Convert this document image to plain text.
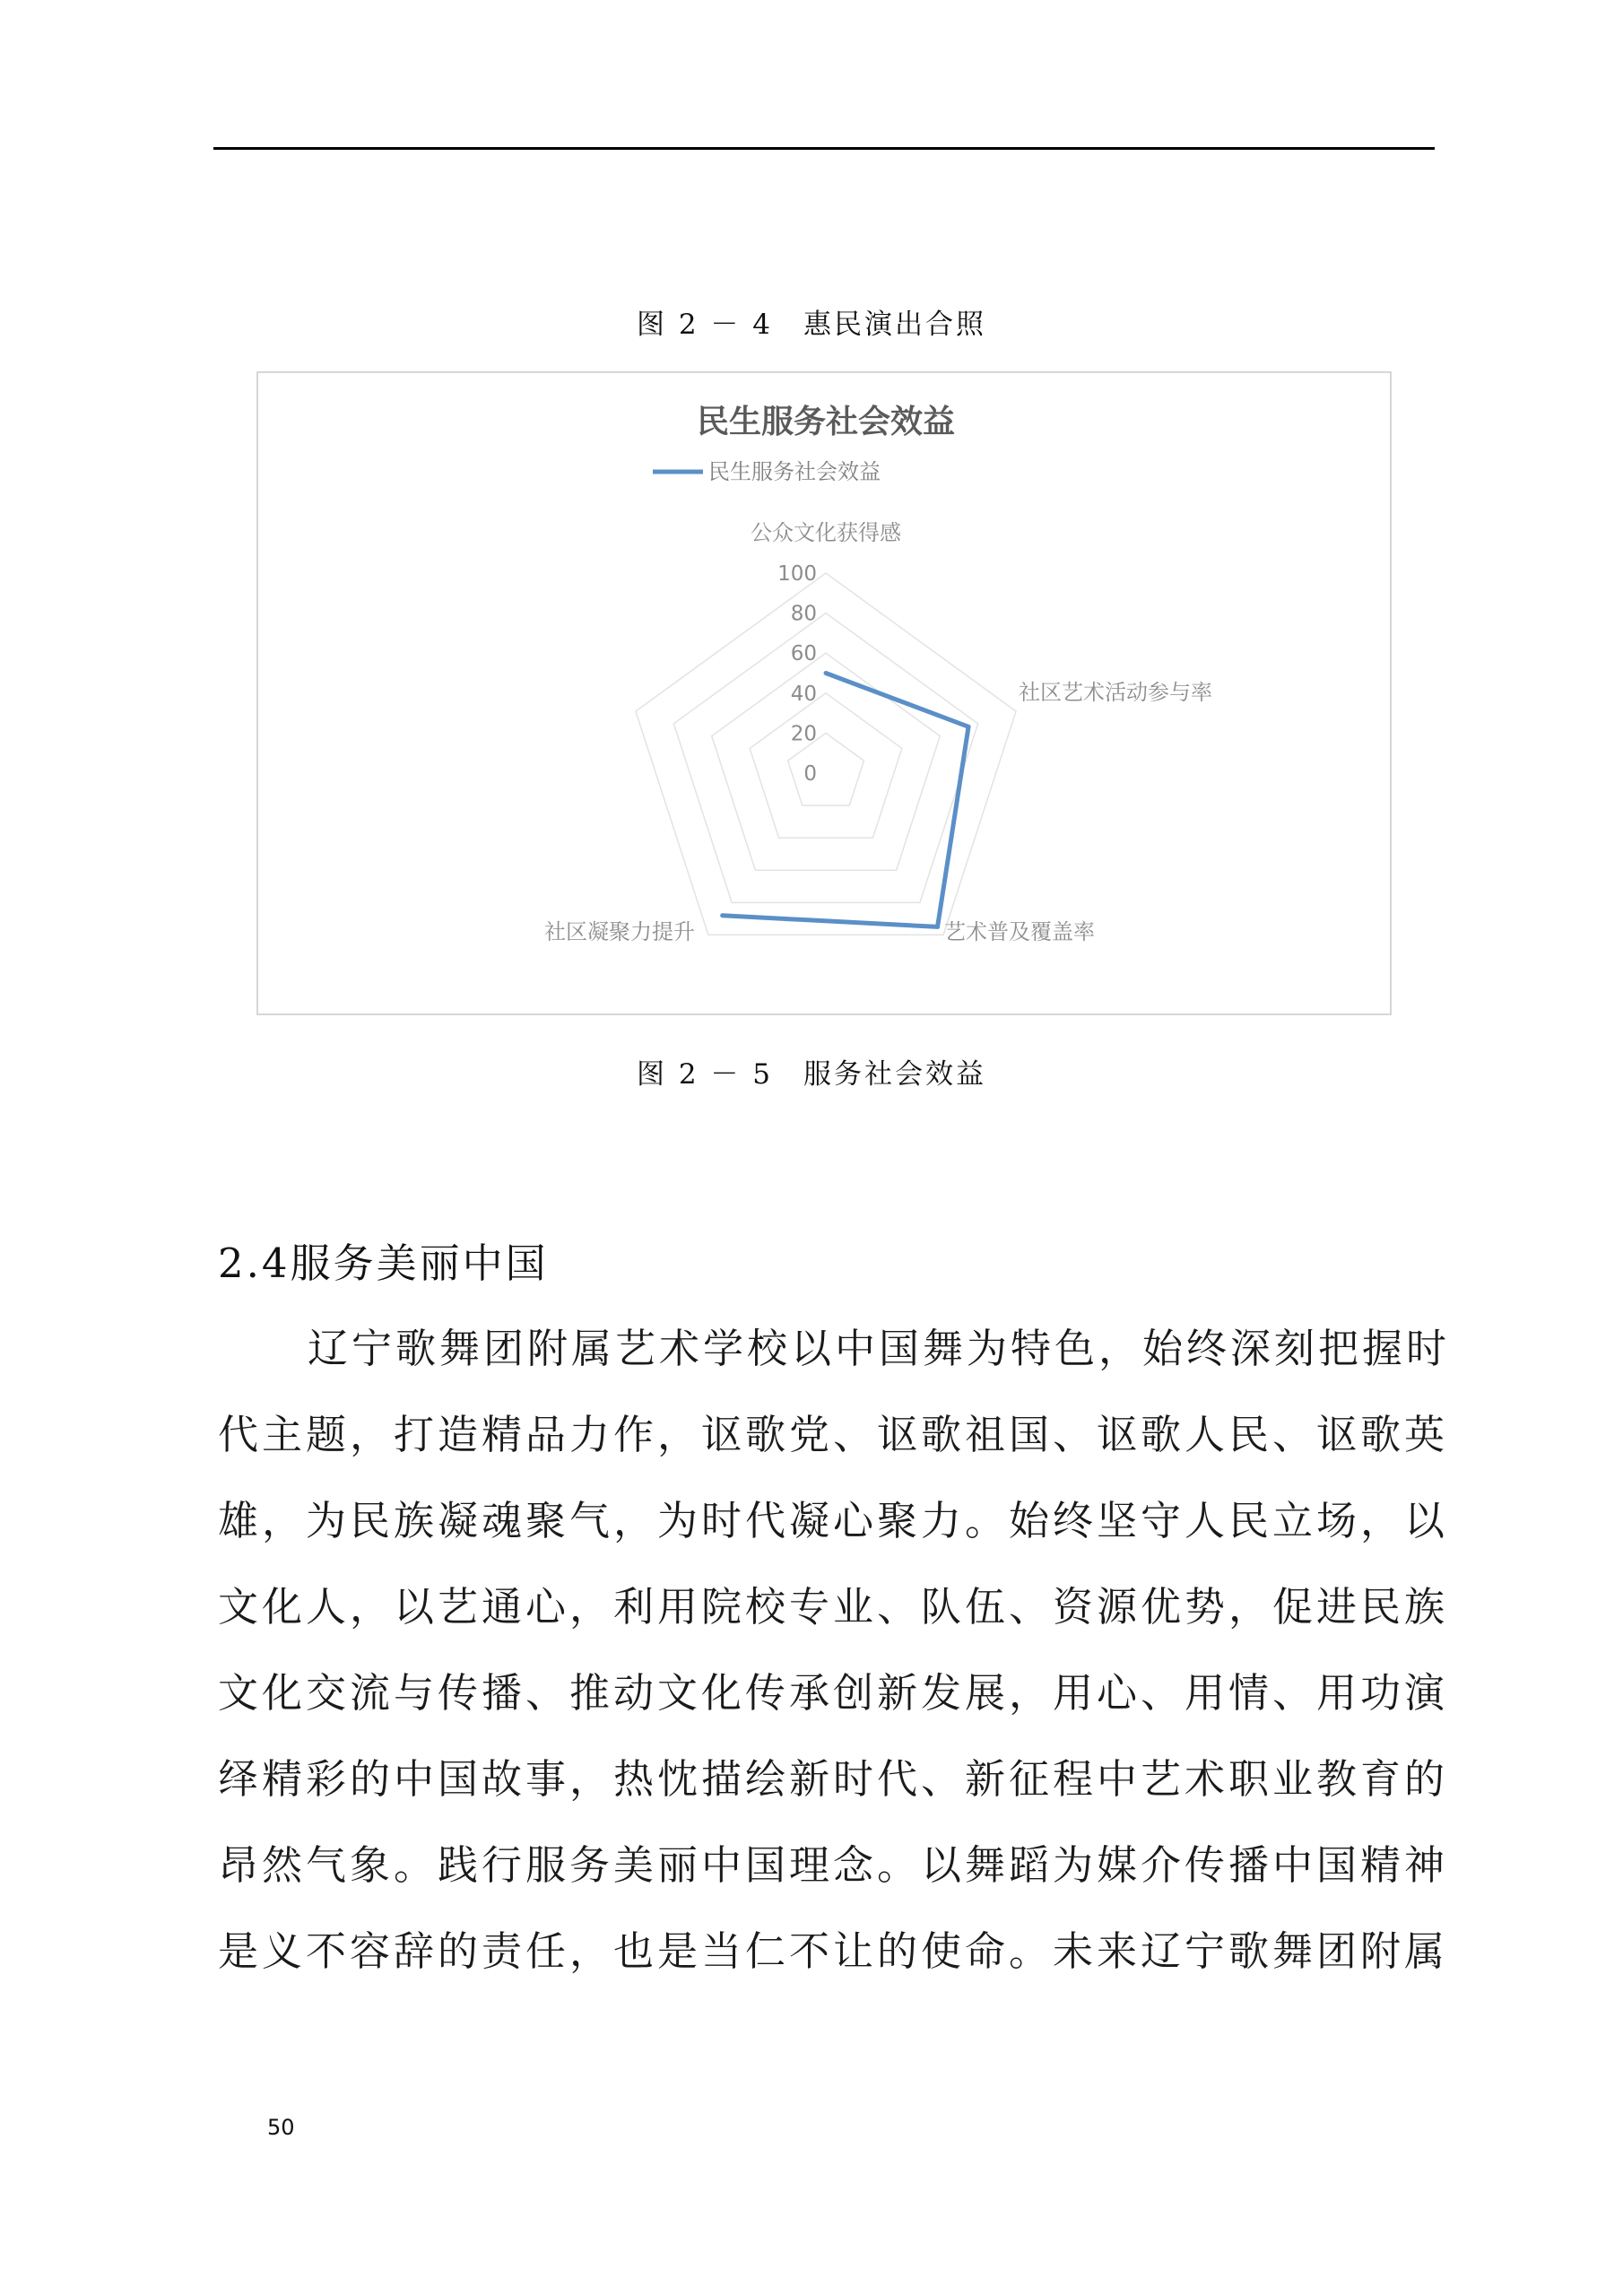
图 2 － 4　惠民演出合照
民生服务社会效益
民生服务社会效益
0
20
40
60
80
100
公众文化获得感
社区艺术活动参与率
艺术普及覆盖率
社区凝聚力提升
图 2 － 5　服务社会效益
2.4服务美丽中国
辽宁歌舞团附属艺术学校以中国舞为特色，始终深刻把握时
代主题，打造精品力作，讴歌党、讴歌祖国、讴歌人民、讴歌英
雄，为民族凝魂聚气，为时代凝心聚力。始终坚守人民立场，以
文化人，以艺通心，利用院校专业、队伍、资源优势，促进民族
文化交流与传播、推动文化传承创新发展，用心、用情、用功演
绎精彩的中国故事，热忱描绘新时代、新征程中艺术职业教育的
昂然气象。践行服务美丽中国理念。以舞蹈为媒介传播中国精神
是义不容辞的责任，也是当仁不让的使命。未来辽宁歌舞团附属
50
